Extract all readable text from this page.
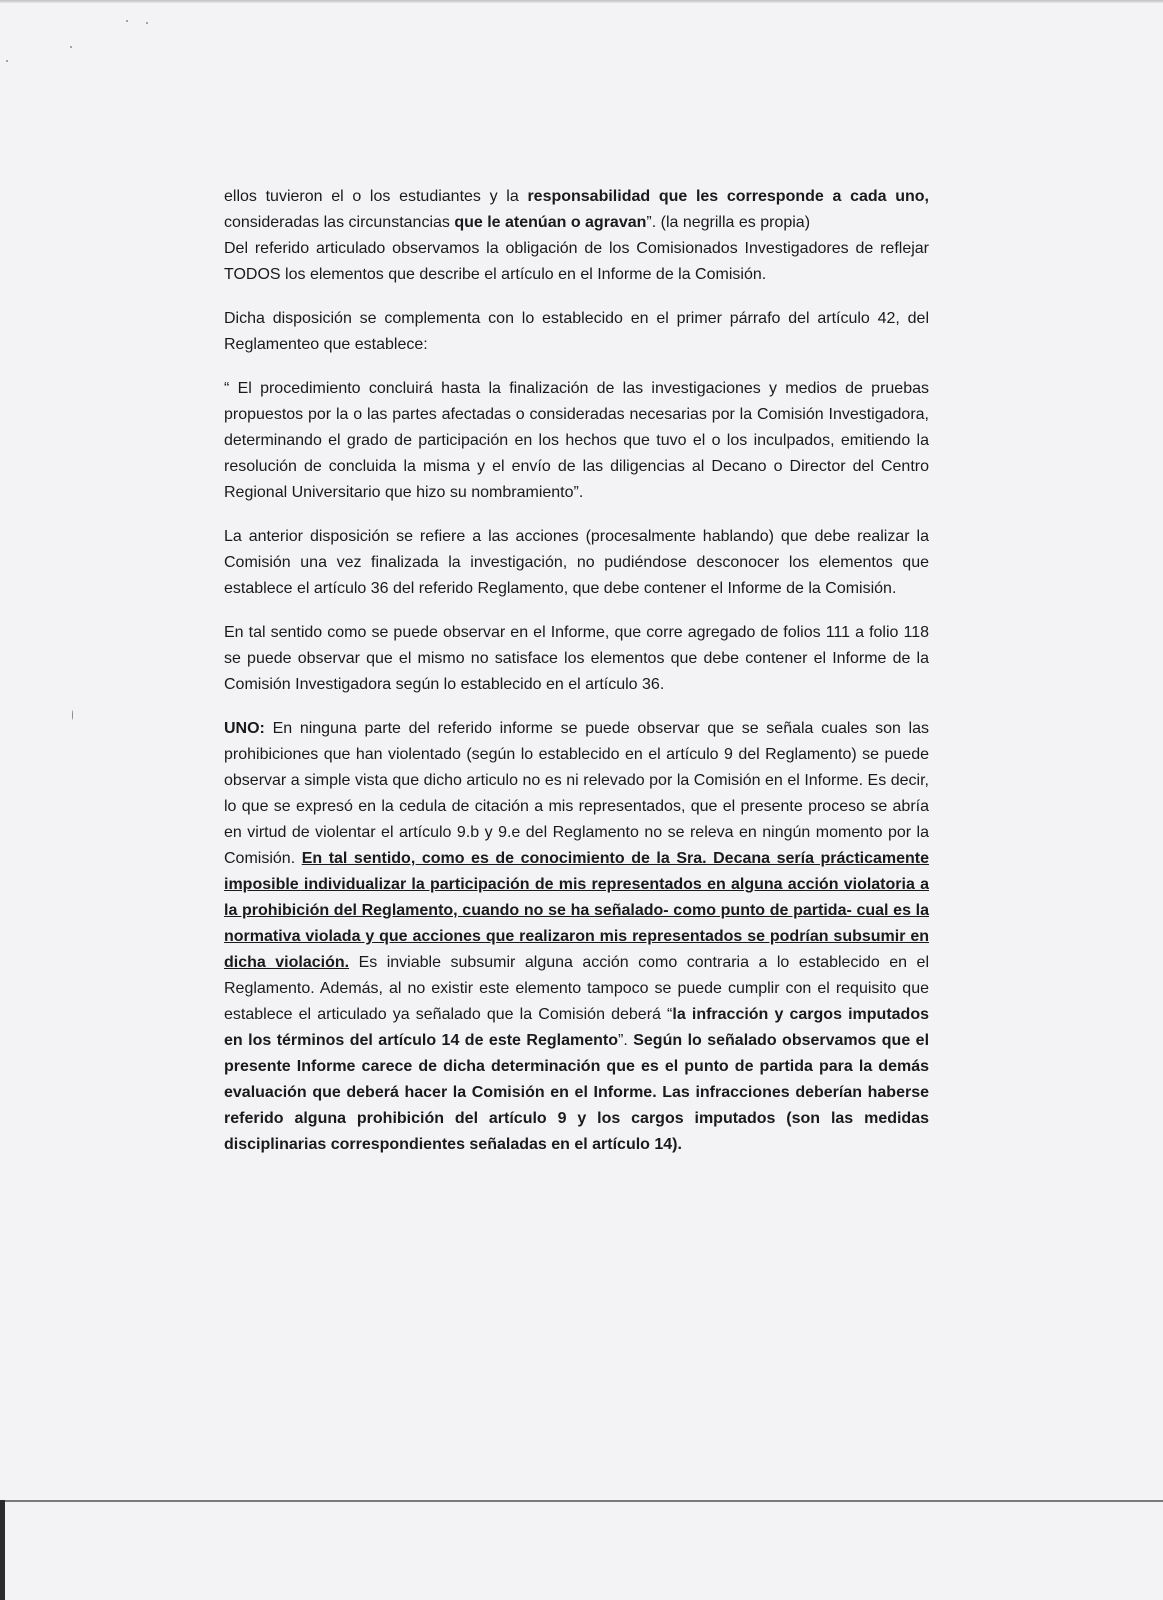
ellos tuvieron el o los estudiantes y la responsabilidad que les corresponde a cada uno, consideradas las circunstancias que le atenúan o agravan”. (la negrilla es propia)

Del referido articulado observamos la obligación de los Comisionados Investigadores de reflejar TODOS los elementos que describe el artículo en el Informe de la Comisión.

Dicha disposición se complementa con lo establecido en el primer párrafo del artículo 42, del Reglamenteo que establece:

“ El procedimiento concluirá hasta la finalización de las investigaciones y medios de pruebas propuestos por la o las partes afectadas o consideradas necesarias por la Comisión Investigadora, determinando el grado de participación en los hechos que tuvo el o los inculpados, emitiendo la resolución de concluida la misma y el envío de las diligencias al Decano o Director del Centro Regional Universitario que hizo su nombramiento”.

La anterior disposición se refiere a las acciones (procesalmente hablando) que debe realizar la Comisión una vez finalizada la investigación, no pudiéndose desconocer los elementos que establece el artículo 36 del referido Reglamento, que debe contener el Informe de la Comisión.

En tal sentido como se puede observar en el Informe, que corre agregado de folios 111 a folio 118 se puede observar que el mismo no satisface los elementos que debe contener el Informe de la Comisión Investigadora según lo establecido en el artículo 36.

UNO: En ninguna parte del referido informe se puede observar que se señala cuales son las prohibiciones que han violentado (según lo establecido en el artículo 9 del Reglamento) se puede observar a simple vista que dicho articulo no es ni relevado por la Comisión en el Informe. Es decir, lo que se expresó en la cedula de citación a mis representados, que el presente proceso se abría en virtud de violentar el artículo 9.b y 9.e del Reglamento no se releva en ningún momento por la Comisión. En tal sentido, como es de conocimiento de la Sra. Decana sería prácticamente imposible individualizar la participación de mis representados en alguna acción violatoria a la prohibición del Reglamento, cuando no se ha señalado- como punto de partida- cual es la normativa violada y que acciones que realizaron mis representados se podrían subsumir en dicha violación. Es inviable subsumir alguna acción como contraria a lo establecido en el Reglamento. Además, al no existir este elemento tampoco se puede cumplir con el requisito que establece el articulado ya señalado que la Comisión deberá “la infracción y cargos imputados en los términos del artículo 14 de este Reglamento”. Según lo señalado observamos que el presente Informe carece de dicha determinación que es el punto de partida para la demás evaluación que deberá hacer la Comisión en el Informe. Las infracciones deberían haberse referido alguna prohibición del artículo 9 y los cargos imputados (son las medidas disciplinarias correspondientes señaladas en el artículo 14).
